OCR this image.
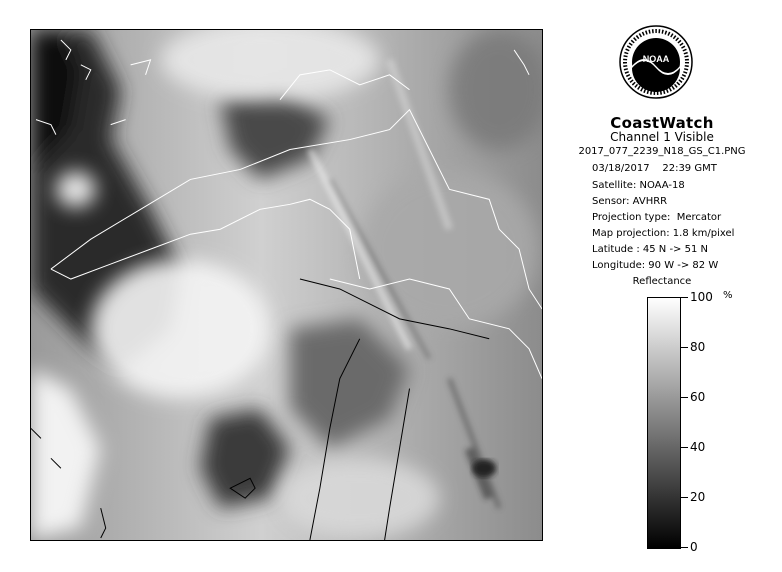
NOAA
CoastWatch
Channel 1 Visible
2017_077_2239_N18_GS_C1.PNG
03/18/2017    22:39 GMT
Satellite: NOAA-18
Sensor: AVHRR
Projection type:  Mercator
Map projection: 1.8 km/pixel
Latitude : 45 N -> 51 N
Longitude: 90 W -> 82 W
Reflectance
%
100
80
60
40
20
0
